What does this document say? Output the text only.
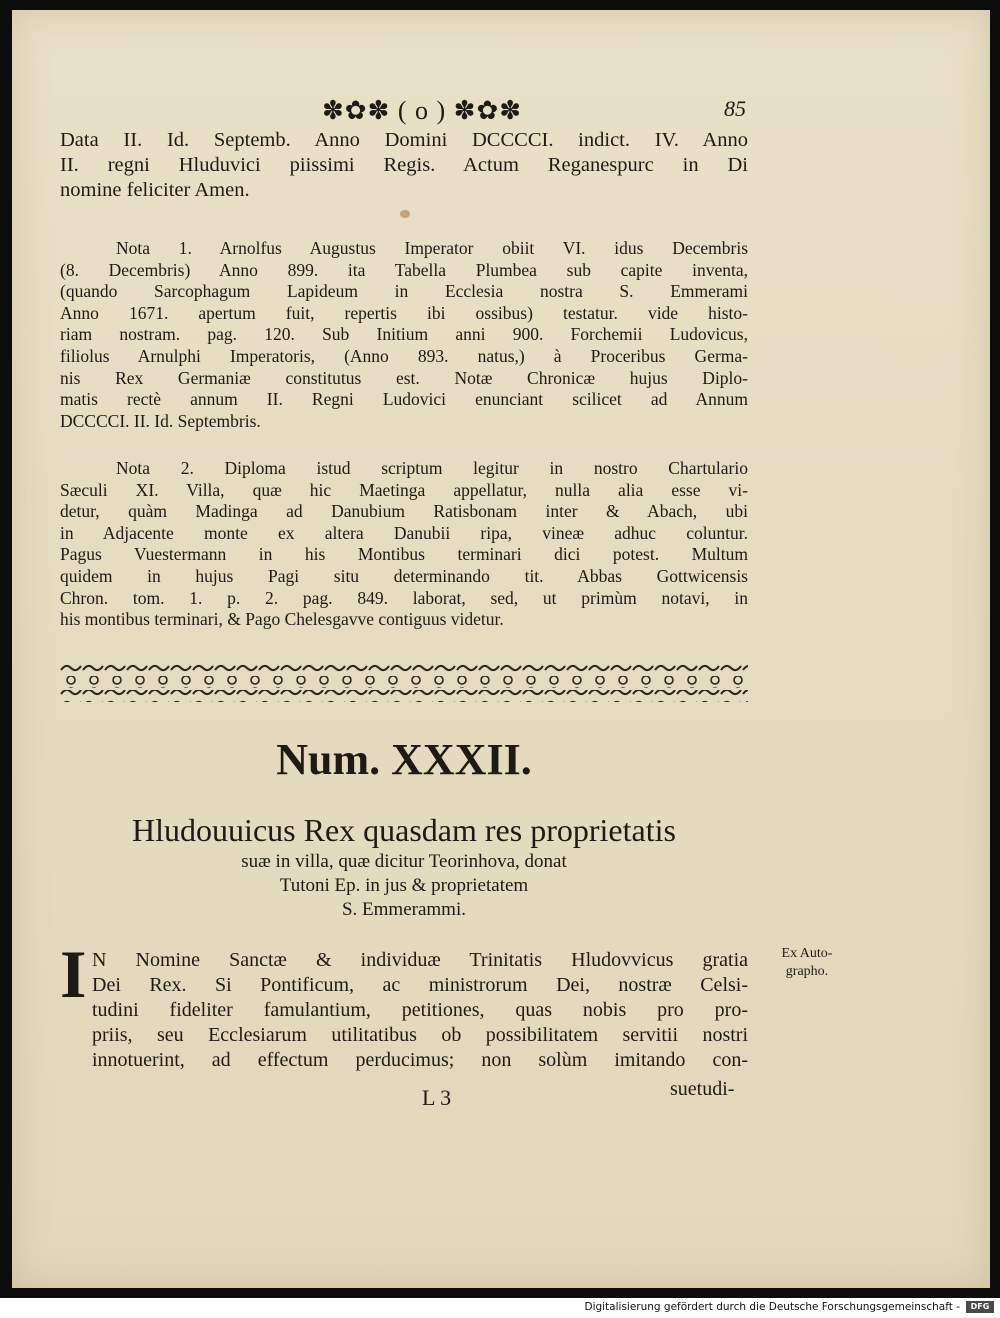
✽✿✽ ( o ) ✽✿✽	85
Data II. Id. Septemb. Anno Domini DCCCCI. indict. IV. Anno
II. regni Hluduvici piissimi Regis. Actum Reganespurc in Di
nomine feliciter Amen.
Nota 1. Arnolfus Augustus Imperator obiit VI. idus Decembris
(8. Decembris) Anno 899. ita Tabella Plumbea sub capite inventa,
(quando Sarcophagum Lapideum in Ecclesia nostra S. Emmerami
Anno 1671. apertum fuit, repertis ibi ossibus) testatur. vide histo-
riam nostram. pag. 120. Sub Initium anni 900. Forchemii Ludovicus,
filiolus Arnulphi Imperatoris, (Anno 893. natus,) à Proceribus Germa-
nis Rex Germaniæ constitutus est. Notæ Chronicæ hujus Diplo-
matis rectè annum II. Regni Ludovici enunciant scilicet ad Annum
DCCCCI. II. Id. Septembris.
Nota 2. Diploma istud scriptum legitur in nostro Chartulario
Sæculi XI. Villa, quæ hic Maetinga appellatur, nulla alia esse vi-
detur, quàm Madinga ad Danubium Ratisbonam inter & Abach, ubi
in Adjacente monte ex altera Danubii ripa, vineæ adhuc coluntur.
Pagus Vuestermann in his Montibus terminari dici potest. Multum
quidem in hujus Pagi situ determinando tit. Abbas Gottwicensis
Chron. tom. 1. p. 2. pag. 849. laborat, sed, ut primùm notavi, in
his montibus terminari, & Pago Chelesgavve contiguus videtur.
Num. XXXII.
Hludouuicus Rex quasdam res proprietatis
suæ in villa, quæ dicitur Teorinhova, donat
Tutoni Ep. in jus & proprietatem
S. Emmerammi.
I N Nomine Sanctæ & individuæ Trinitatis Hludovvicus gratia
Dei Rex. Si Pontificum, ac ministrorum Dei, nostræ Celsi-
tudini fideliter famulantium, petitiones, quas nobis pro pro-
priis, seu Ecclesiarum utilitatibus ob possibilitatem servitii nostri
innotuerint, ad effectum perducimus; non solùm imitando con-
Ex Auto-
grapho.
L 3	suetudi-
Digitalisierung gefördert durch die Deutsche Forschungsgemeinschaft -	DFG
